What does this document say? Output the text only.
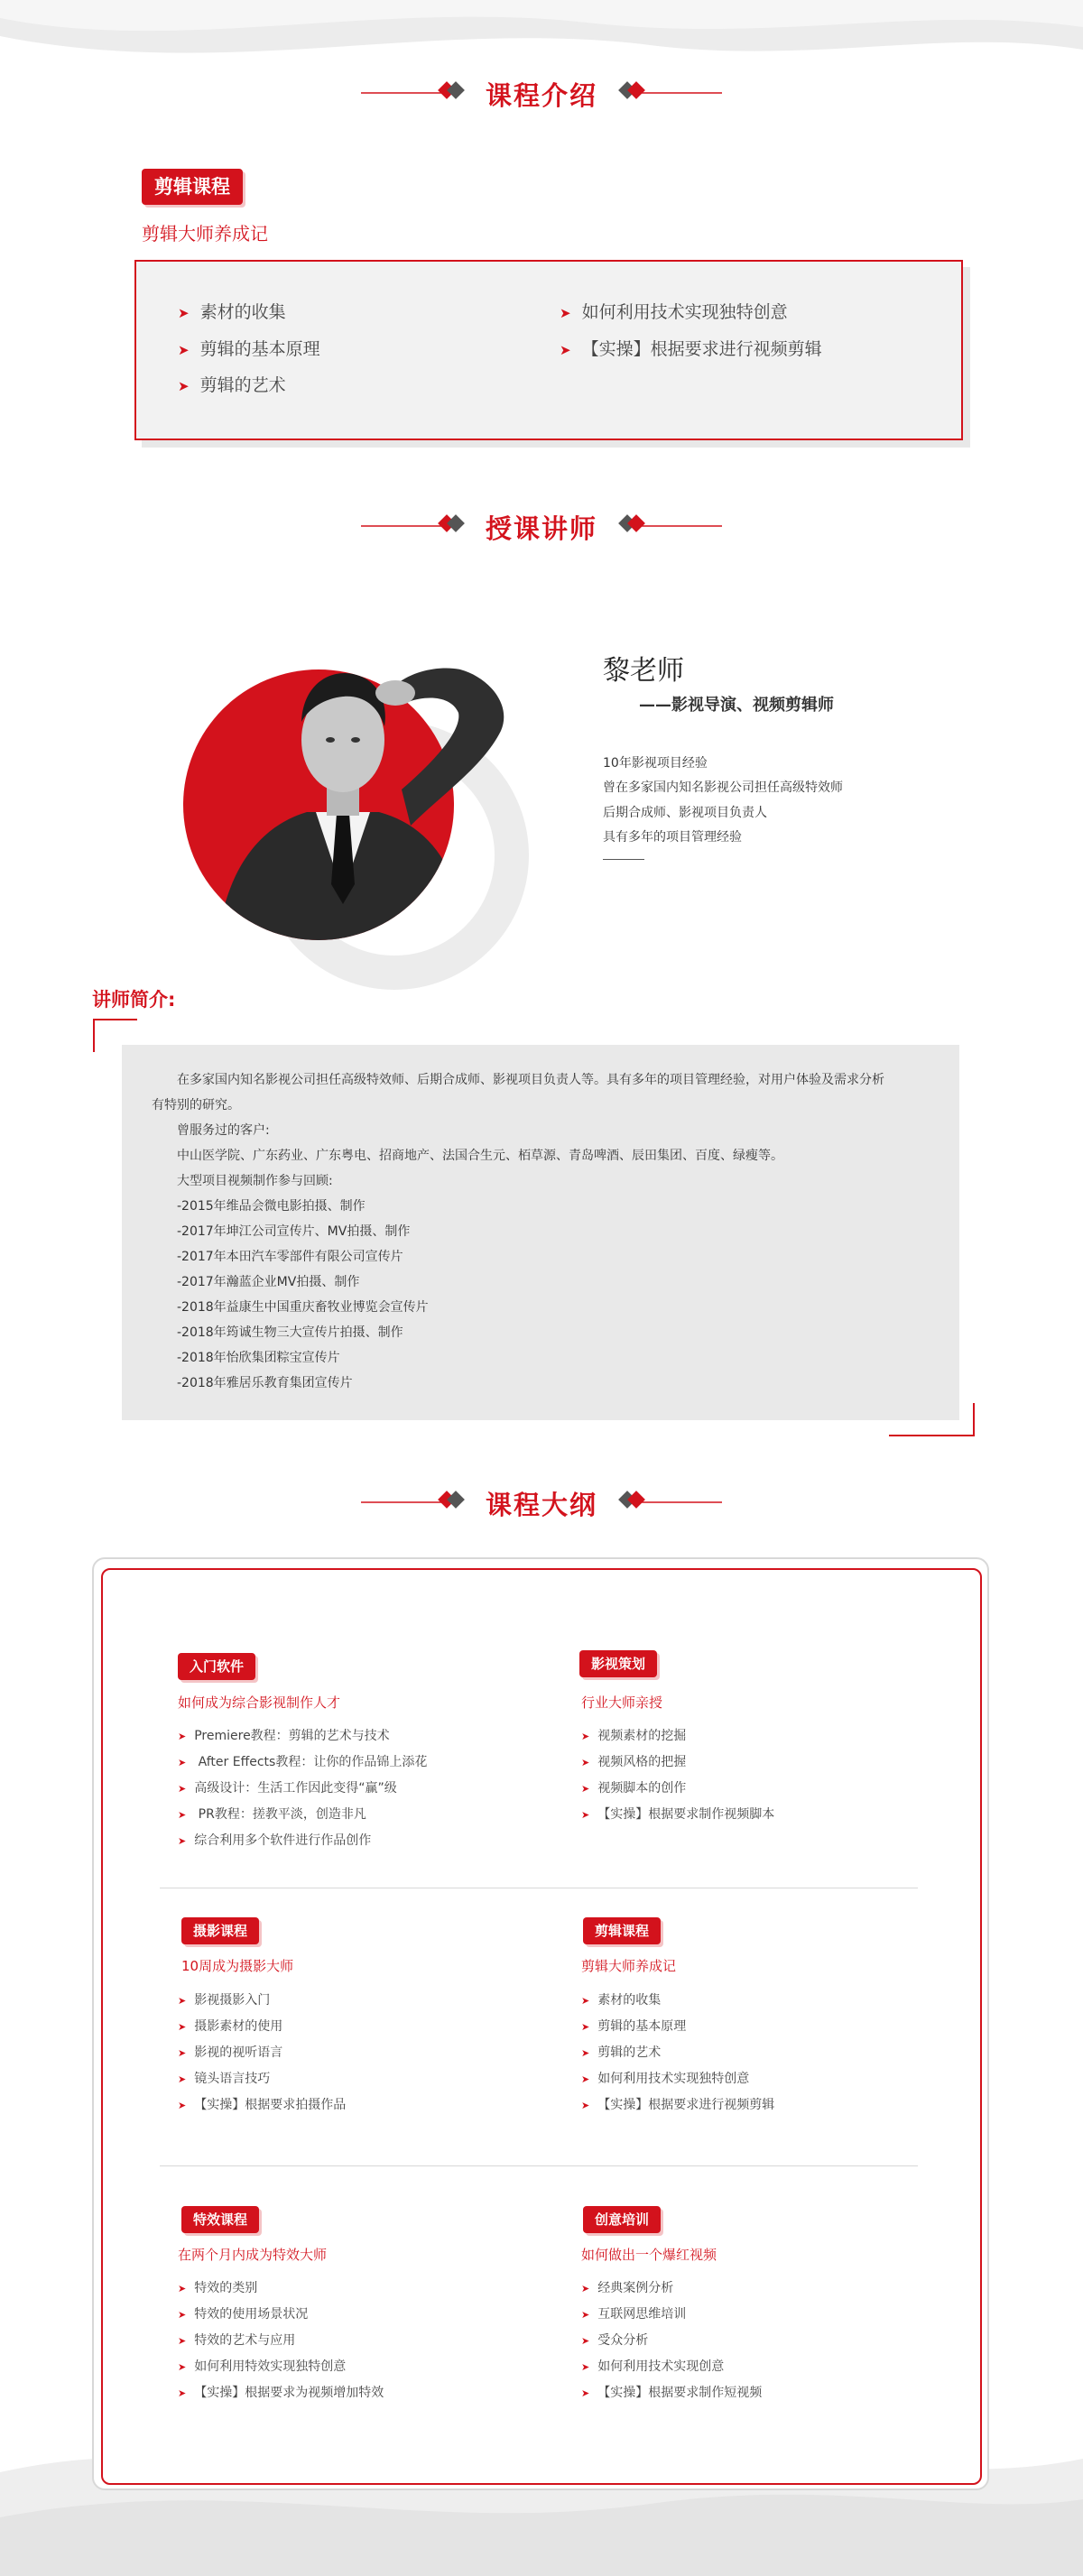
课程介绍
剪辑课程
剪辑大师养成记
➤ 素材的收集
➤ 剪辑的基本原理
➤ 剪辑的艺术
➤ 如何利用技术实现独特创意
➤ 【实操】根据要求进行视频剪辑
授课讲师
黎老师
——影视导演、视频剪辑师
10年影视项目经验
曾在多家国内知名影视公司担任高级特效师
后期合成师、影视项目负责人
具有多年的项目管理经验
讲师简介:
在多家国内知名影视公司担任高级特效师、后期合成师、影视项目负责人等。具有多年的项目管理经验，对用户体验及需求分析
有特别的研究。
曾服务过的客户:
中山医学院、广东药业、广东粤电、招商地产、法国合生元、栢草源、青岛啤酒、辰田集团、百度、绿瘦等。
大型项目视频制作参与回顾:
-2015年维品会微电影拍摄、制作
-2017年坤江公司宣传片、MV拍摄、制作
-2017年本田汽车零部件有限公司宣传片
-2017年瀚蓝企业MV拍摄、制作
-2018年益康生中国重庆畜牧业博览会宣传片
-2018年筠诚生物三大宣传片拍摄、制作
-2018年怡欣集团粽宝宣传片
-2018年雅居乐教育集团宣传片
课程大纲
入门软件
如何成为综合影视制作人才
➤ Premiere教程：剪辑的艺术与技术
➤ After Effects教程：让你的作品锦上添花
➤ 高级设计：生活工作因此变得“赢”级
➤ PR教程：搓教平淡，创造非凡
➤ 综合利用多个软件进行作品创作
影视策划
行业大师亲授
➤ 视频素材的挖掘
➤ 视频风格的把握
➤ 视频脚本的创作
➤ 【实操】根据要求制作视频脚本
摄影课程
10周成为摄影大师
➤ 影视摄影入门
➤ 摄影素材的使用
➤ 影视的视听语言
➤ 镜头语言技巧
➤ 【实操】根据要求拍摄作品
剪辑课程
剪辑大师养成记
➤ 素材的收集
➤ 剪辑的基本原理
➤ 剪辑的艺术
➤ 如何利用技术实现独特创意
➤ 【实操】根据要求进行视频剪辑
特效课程
在两个月内成为特效大师
➤ 特效的类别
➤ 特效的使用场景状况
➤ 特效的艺术与应用
➤ 如何利用特效实现独特创意
➤ 【实操】根据要求为视频增加特效
创意培训
如何做出一个爆红视频
➤ 经典案例分析
➤ 互联网思维培训
➤ 受众分析
➤ 如何利用技术实现创意
➤ 【实操】根据要求制作短视频
